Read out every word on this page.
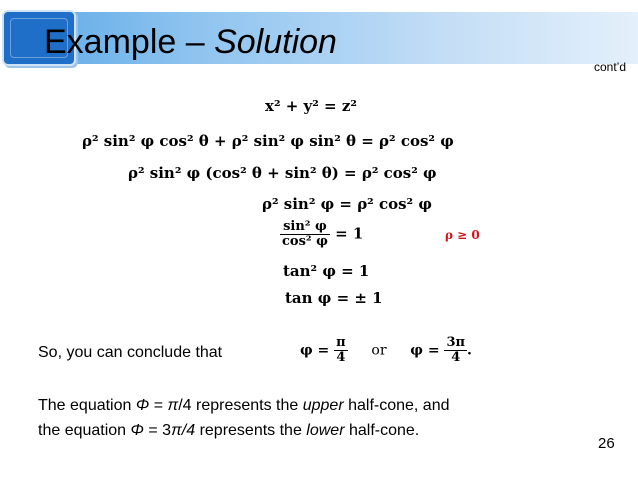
Example – Solution
cont’d
x² + y² = z²
ρ² sin² φ cos² θ + ρ² sin² φ sin² θ = ρ² cos² φ
ρ² sin² φ (cos² θ + sin² θ) = ρ² cos² φ
ρ² sin² φ = ρ² cos² φ
$\frac{\text{sin² φ}}{\text{cos² φ}} = 1$	ρ ≥ 0
tan² φ = 1
tan φ = ± 1
So, you can conclude that	$\varphi = \frac{\pi}{4}$ or $\varphi = \frac{3\pi}{4}$ .
The equation Φ = π/4 represents the upper half-cone, and
the equation Φ = 3π/4 represents the lower half-cone.
26
